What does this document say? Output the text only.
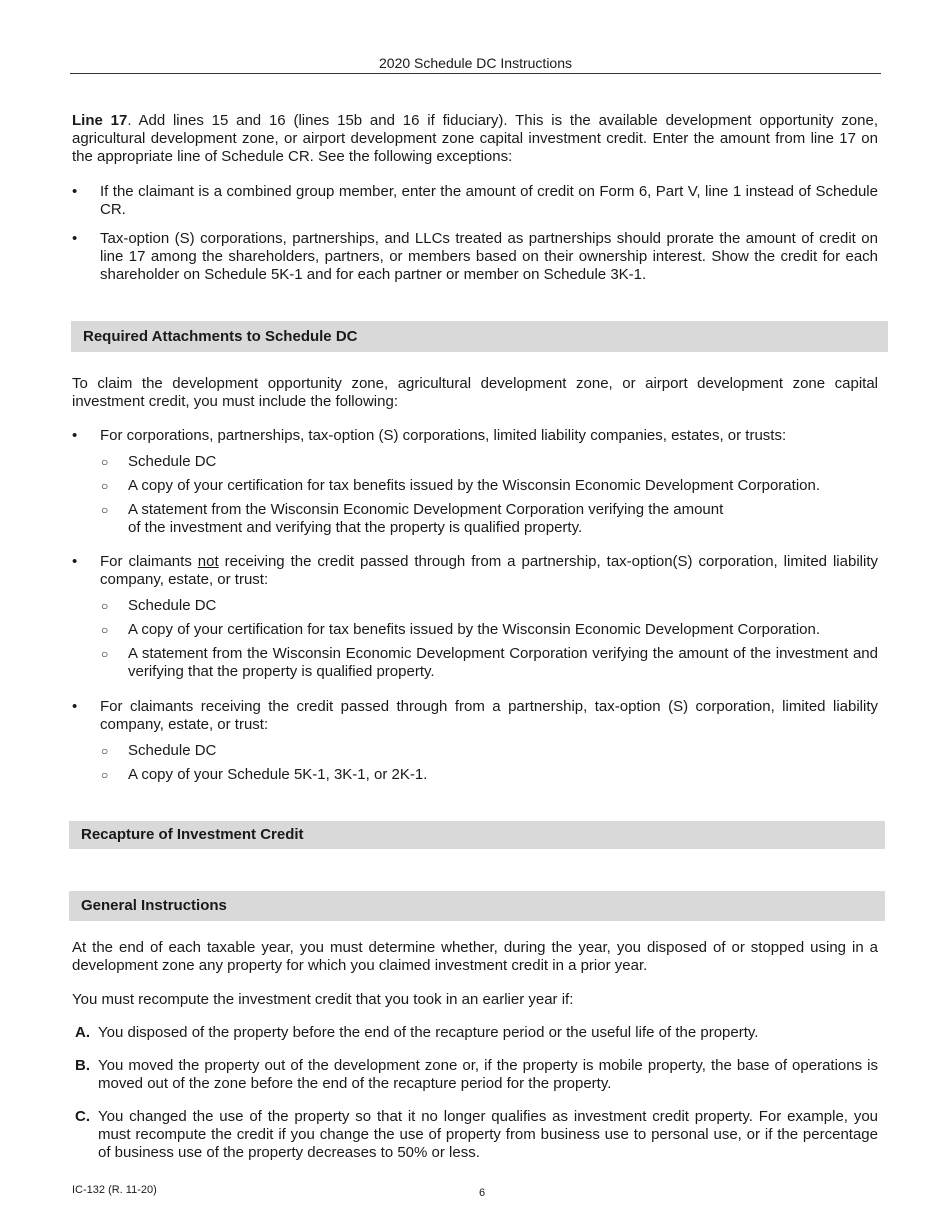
2020 Schedule DC Instructions

Line 17. Add lines 15 and 16 (lines 15b and 16 if fiduciary). This is the available development opportunity zone, agricultural development zone, or airport development zone capital investment credit. Enter the amount from line 17 on the appropriate line of Schedule CR. See the following exceptions:

• If the claimant is a combined group member, enter the amount of credit on Form 6, Part V, line 1 instead of Schedule CR.
• Tax-option (S) corporations, partnerships, and LLCs treated as partnerships should prorate the amount of credit on line 17 among the shareholders, partners, or members based on their ownership interest. Show the credit for each shareholder on Schedule 5K-1 and for each partner or member on Schedule 3K-1.
Required Attachments to Schedule DC

To claim the development opportunity zone, agricultural development zone, or airport development zone capital investment credit, you must include the following:

• For corporations, partnerships, tax-option (S) corporations, limited liability companies, estates, or trusts:
○ Schedule DC
○ A copy of your certification for tax benefits issued by the Wisconsin Economic Development Corporation.
○ A statement from the Wisconsin Economic Development Corporation verifying the amount
of the investment and verifying that the property is qualified property.
• For claimants not receiving the credit passed through from a partnership, tax-option(S) corporation, limited liability company, estate, or trust:
○ Schedule DC
○ A copy of your certification for tax benefits issued by the Wisconsin Economic Development Corporation.
○ A statement from the Wisconsin Economic Development Corporation verifying the amount of the investment and verifying that the property is qualified property.
• For claimants receiving the credit passed through from a partnership, tax-option (S) corporation, limited liability company, estate, or trust:
○ Schedule DC
○ A copy of your Schedule 5K-1, 3K-1, or 2K-1.
Recapture of Investment Credit
General Instructions

At the end of each taxable year, you must determine whether, during the year, you disposed of or stopped using in a development zone any property for which you claimed investment credit in a prior year.

You must recompute the investment credit that you took in an earlier year if:

A. You disposed of the property before the end of the recapture period or the useful life of the property.
B. You moved the property out of the development zone or, if the property is mobile property, the base of operations is moved out of the zone before the end of the recapture period for the property.
C. You changed the use of the property so that it no longer qualifies as investment credit property. For example, you must recompute the credit if you change the use of property from business use to personal use, or if the percentage of business use of the property decreases to 50% or less.
IC-132 (R. 11-20)	6
